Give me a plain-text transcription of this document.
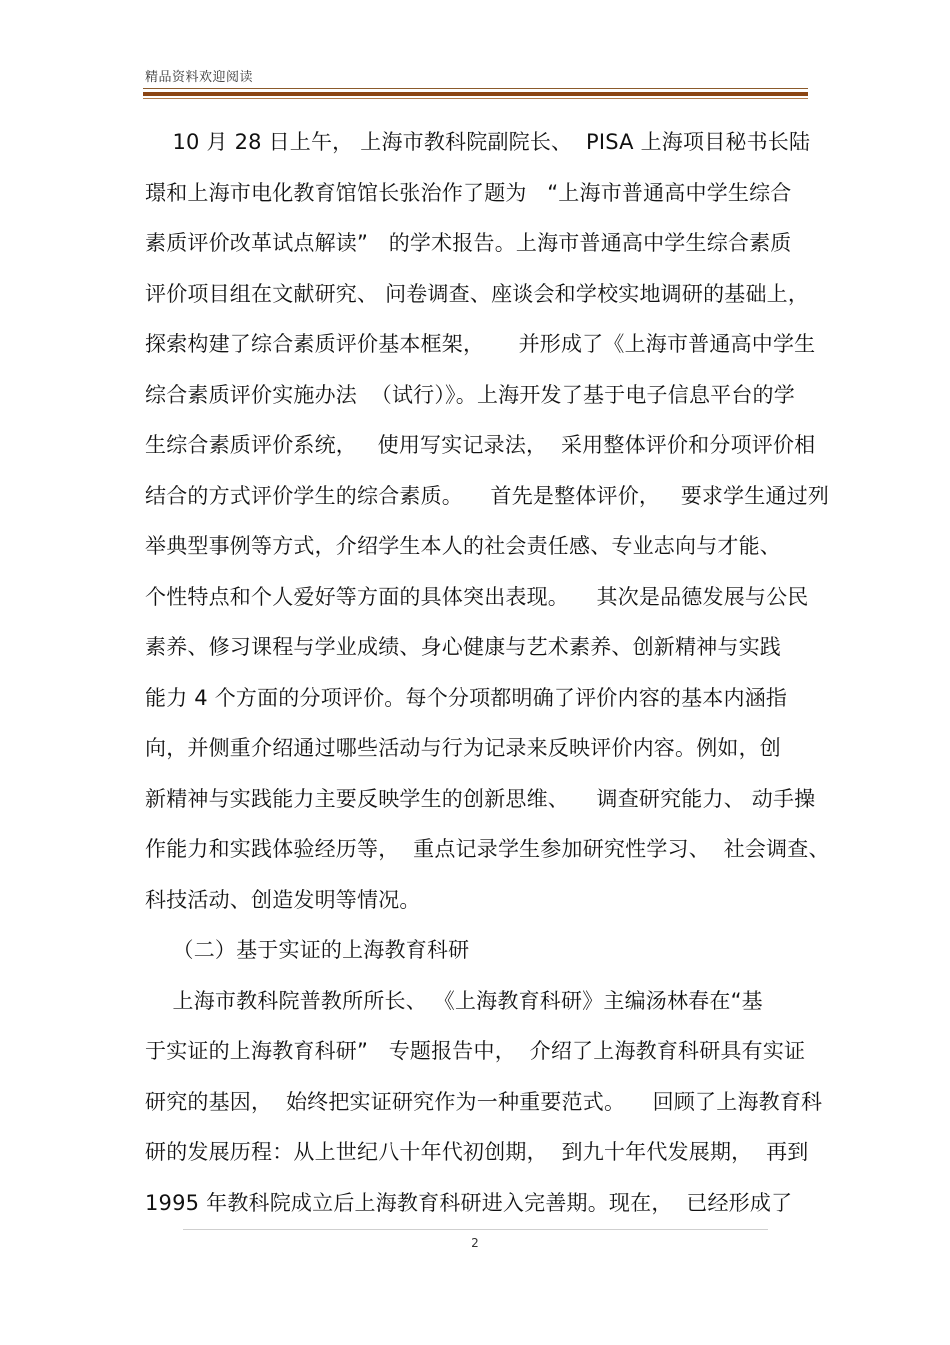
精品资料欢迎阅读
10 月 28 日上午， 上海市教科院副院长、  PISA 上海项目秘书长陆
璟和上海市电化教育馆馆长张治作了题为   “上海市普通高中学生综合
素质评价改革试点解读”   的学术报告。上海市普通高中学生综合素质
评价项目组在文献研究、 问卷调查、座谈会和学校实地调研的基础上，
探索构建了综合素质评价基本框架，     并形成了《上海市普通高中学生
综合素质评价实施办法  （试行）》。上海开发了基于电子信息平台的学
生综合素质评价系统，   使用写实记录法，  采用整体评价和分项评价相
结合的方式评价学生的综合素质。    首先是整体评价，   要求学生通过列
举典型事例等方式，介绍学生本人的社会责任感、专业志向与才能、
个性特点和个人爱好等方面的具体突出表现。    其次是品德发展与公民
素养、修习课程与学业成绩、身心健康与艺术素养、创新精神与实践
能力 4 个方面的分项评价。每个分项都明确了评价内容的基本内涵指
向，并侧重介绍通过哪些活动与行为记录来反映评价内容。例如，创
新精神与实践能力主要反映学生的创新思维、    调查研究能力、 动手操
作能力和实践体验经历等，  重点记录学生参加研究性学习、  社会调查、
科技活动、创造发明等情况。
（二）基于实证的上海教育科研
上海市教科院普教所所长、 《上海教育科研》主编汤林春在“基
于实证的上海教育科研”   专题报告中，  介绍了上海教育科研具有实证
研究的基因，  始终把实证研究作为一种重要范式。    回顾了上海教育科
研的发展历程：从上世纪八十年代初创期，  到九十年代发展期，  再到
1995 年教科院成立后上海教育科研进入完善期。现在，  已经形成了
2
